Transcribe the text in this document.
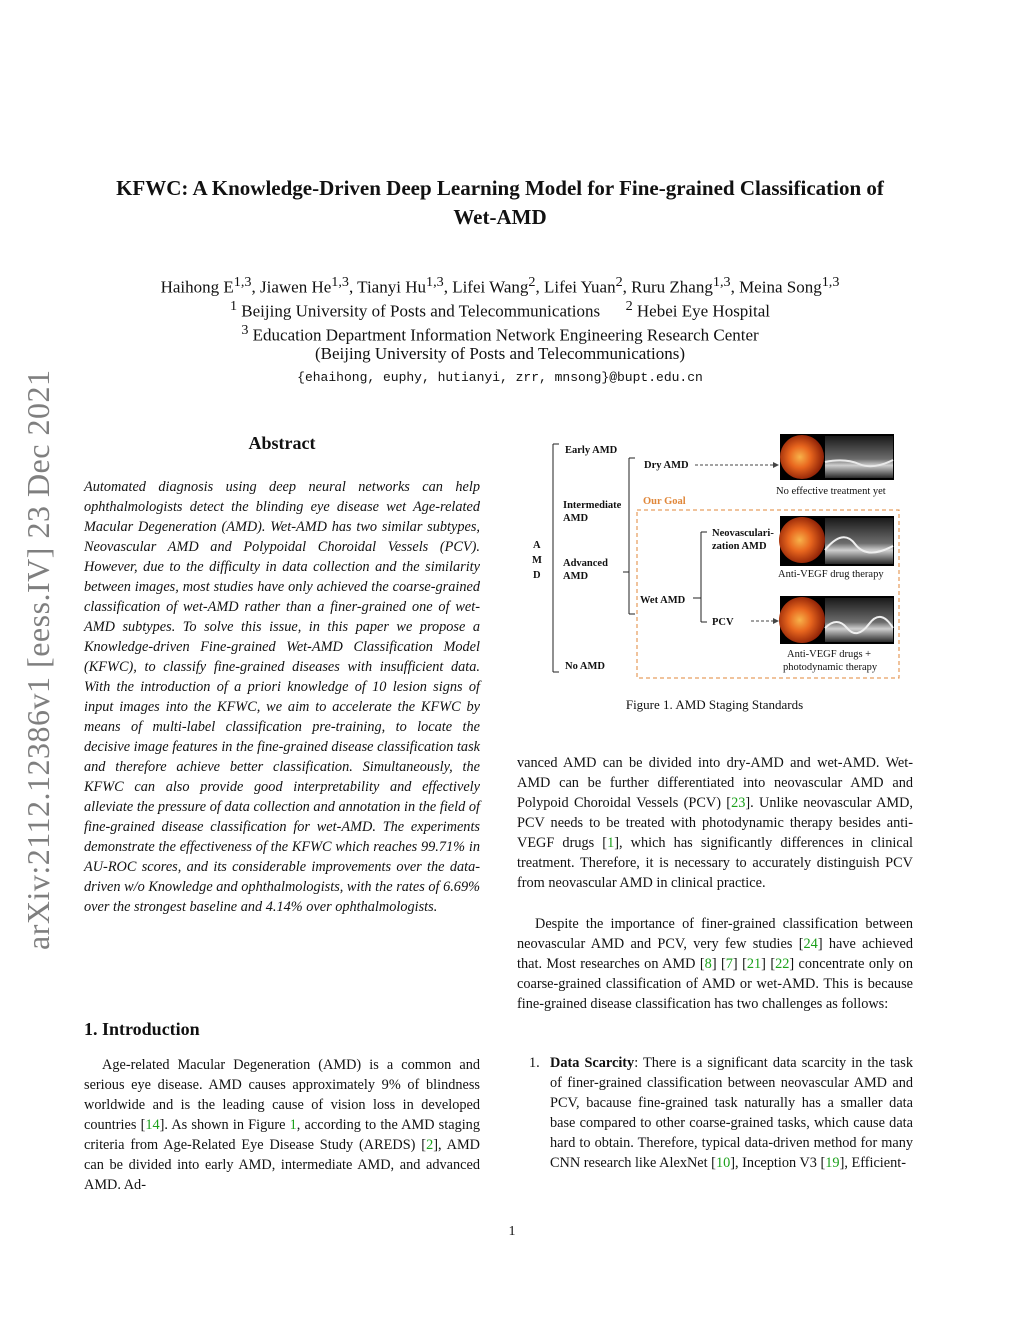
arXiv:2112.12386v1 [eess.IV] 23 Dec 2021
KFWC: A Knowledge-Driven Deep Learning Model for Fine-grained Classification of Wet-AMD
Haihong E$^{1,3}$, Jiawen He$^{1,3}$, Tianyi Hu$^{1,3}$, Lifei Wang$^2$, Lifei Yuan$^2$, Ruru Zhang$^{1,3}$, Meina Song$^{1,3}$
$^1$ Beijing University of Posts and Telecommunications $^2$ Hebei Eye Hospital
$^3$ Education Department Information Network Engineering Research Center
(Beijing University of Posts and Telecommunications)
{ehaihong, euphy, hutianyi, zrr, mnsong}@bupt.edu.cn
Abstract

Automated diagnosis using deep neural networks can help ophthalmologists detect the blinding eye disease wet Age-related Macular Degeneration (AMD). Wet-AMD has two similar subtypes, Neovascular AMD and Polypoidal Choroidal Vessels (PCV). However, due to the difficulty in data collection and the similarity between images, most studies have only achieved the coarse-grained classification of wet-AMD rather than a finer-grained one of wet-AMD subtypes. To solve this issue, in this paper we propose a Knowledge-driven Fine-grained Wet-AMD Classification Model (KFWC), to classify fine-grained diseases with insufficient data. With the introduction of a priori knowledge of 10 lesion signs of input images into the KFWC, we aim to accelerate the KFWC by means of multi-label classification pre-training, to locate the decisive image features in the fine-grained disease classification task and therefore achieve better classification. Simultaneously, the KFWC can also provide good interpretability and effectively alleviate the pressure of data collection and annotation in the field of fine-grained disease classification for wet-AMD. The experiments demonstrate the effectiveness of the KFWC which reaches 99.71% in AU-ROC scores, and its considerable improvements over the data-driven w/o Knowledge and ophthalmologists, with the rates of 6.69% over the strongest baseline and 4.14% over ophthalmologists.

1. Introduction

Age-related Macular Degeneration (AMD) is a common and serious eye disease. AMD causes approximately 9% of blindness worldwide and is the leading cause of vision loss in developed countries [14]. As shown in Figure 1, according to the AMD staging criteria from Age-Related Eye Disease Study (AREDS) [2], AMD can be divided into early AMD, intermediate AMD, and advanced AMD. Ad-

A
M
D
Early AMD
Intermediate
AMD
Advanced
AMD
No AMD
Dry AMD
Our Goal
Wet AMD
Neovasculari-
zation AMD
PCV
No effective treatment yet
Anti-VEGF drug therapy
Anti-VEGF drugs +
photodynamic therapy
Figure 1. AMD Staging Standards

vanced AMD can be divided into dry-AMD and wet-AMD. Wet-AMD can be further differentiated into neovascular AMD and Polypoid Choroidal Vessels (PCV) [23]. Unlike neovascular AMD, PCV needs to be treated with photodynamic therapy besides anti-VEGF drugs [1], which has significantly differences in clinical treatment. Therefore, it is necessary to accurately distinguish PCV from neovascular AMD in clinical practice.

Despite the importance of finer-grained classification between neovascular AMD and PCV, very few studies [24] have achieved that. Most researches on AMD [8] [7] [21] [22] concentrate only on coarse-grained classification of AMD or wet-AMD. This is because fine-grained disease classification has two challenges as follows:

1. Data Scarcity: There is a significant data scarcity in the task of finer-grained classification between neovascular AMD and PCV, bacause fine-grained task naturally has a smaller data base compared to other coarse-grained tasks, which cause data hard to obtain. Therefore, typical data-driven method for many CNN research like AlexNet [10], Inception V3 [19], Efficient-
1
